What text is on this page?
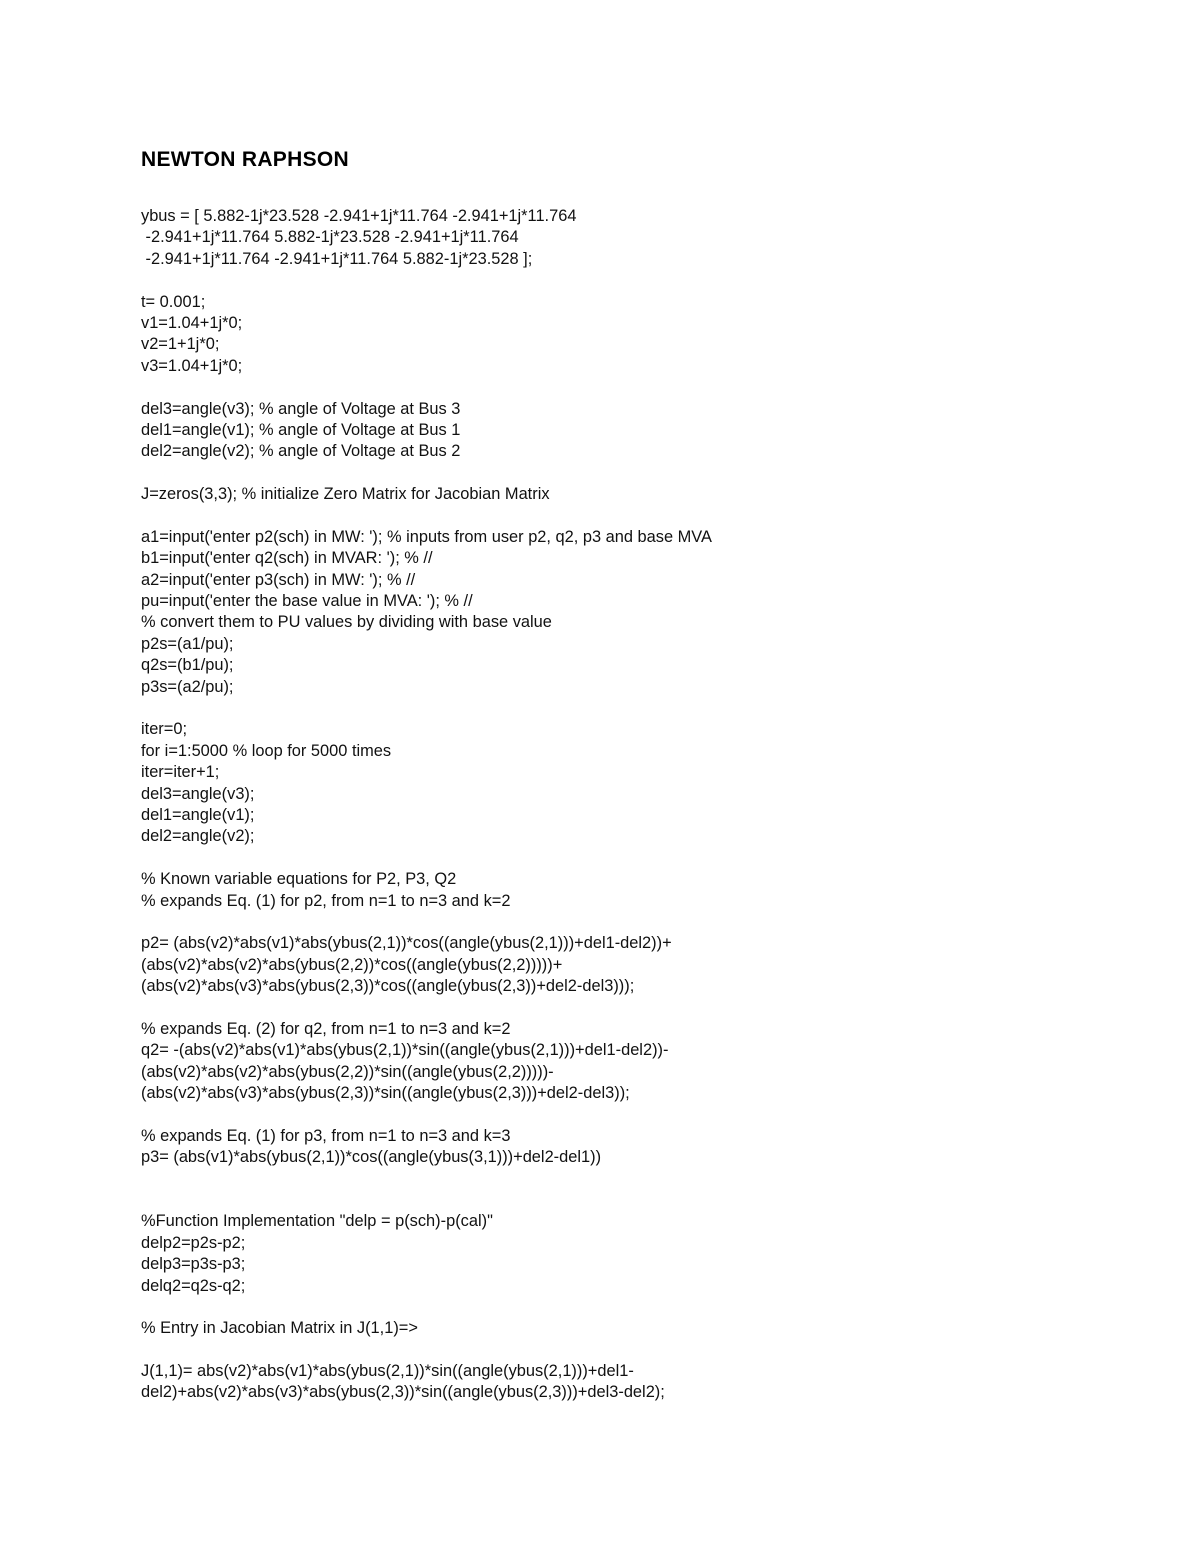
NEWTON RAPHSON
ybus = [ 5.882-1j*23.528 -2.941+1j*11.764 -2.941+1j*11.764
-2.941+1j*11.764 5.882-1j*23.528 -2.941+1j*11.764
-2.941+1j*11.764 -2.941+1j*11.764 5.882-1j*23.528 ];
t= 0.001;
v1=1.04+1j*0;
v2=1+1j*0;
v3=1.04+1j*0;
del3=angle(v3); % angle of Voltage at Bus 3
del1=angle(v1); % angle of Voltage at Bus 1
del2=angle(v2); % angle of Voltage at Bus 2
J=zeros(3,3); % initialize Zero Matrix for Jacobian Matrix
a1=input('enter p2(sch) in MW: '); % inputs from user p2, q2, p3 and base MVA
b1=input('enter q2(sch) in MVAR: '); % //
a2=input('enter p3(sch) in MW: '); % //
pu=input('enter the base value in MVA: '); % //
% convert them to PU values by dividing with base value
p2s=(a1/pu);
q2s=(b1/pu);
p3s=(a2/pu);
iter=0;
for i=1:5000 % loop for 5000 times
iter=iter+1;
del3=angle(v3);
del1=angle(v1);
del2=angle(v2);
% Known variable equations for P2, P3, Q2
% expands Eq. (1) for p2, from n=1 to n=3 and k=2
p2= (abs(v2)*abs(v1)*abs(ybus(2,1))*cos((angle(ybus(2,1)))+del1-del2))+
(abs(v2)*abs(v2)*abs(ybus(2,2))*cos((angle(ybus(2,2)))))+
(abs(v2)*abs(v3)*abs(ybus(2,3))*cos((angle(ybus(2,3))+del2-del3)));
% expands Eq. (2) for q2, from n=1 to n=3 and k=2
q2= -(abs(v2)*abs(v1)*abs(ybus(2,1))*sin((angle(ybus(2,1)))+del1-del2))-
(abs(v2)*abs(v2)*abs(ybus(2,2))*sin((angle(ybus(2,2)))))-
(abs(v2)*abs(v3)*abs(ybus(2,3))*sin((angle(ybus(2,3)))+del2-del3));
% expands Eq. (1) for p3, from n=1 to n=3 and k=3
p3= (abs(v1)*abs(ybus(2,1))*cos((angle(ybus(3,1)))+del2-del1))
%Function Implementation "delp = p(sch)-p(cal)"
delp2=p2s-p2;
delp3=p3s-p3;
delq2=q2s-q2;
% Entry in Jacobian Matrix in J(1,1)=>
J(1,1)= abs(v2)*abs(v1)*abs(ybus(2,1))*sin((angle(ybus(2,1)))+del1-
del2)+abs(v2)*abs(v3)*abs(ybus(2,3))*sin((angle(ybus(2,3)))+del3-del2);
